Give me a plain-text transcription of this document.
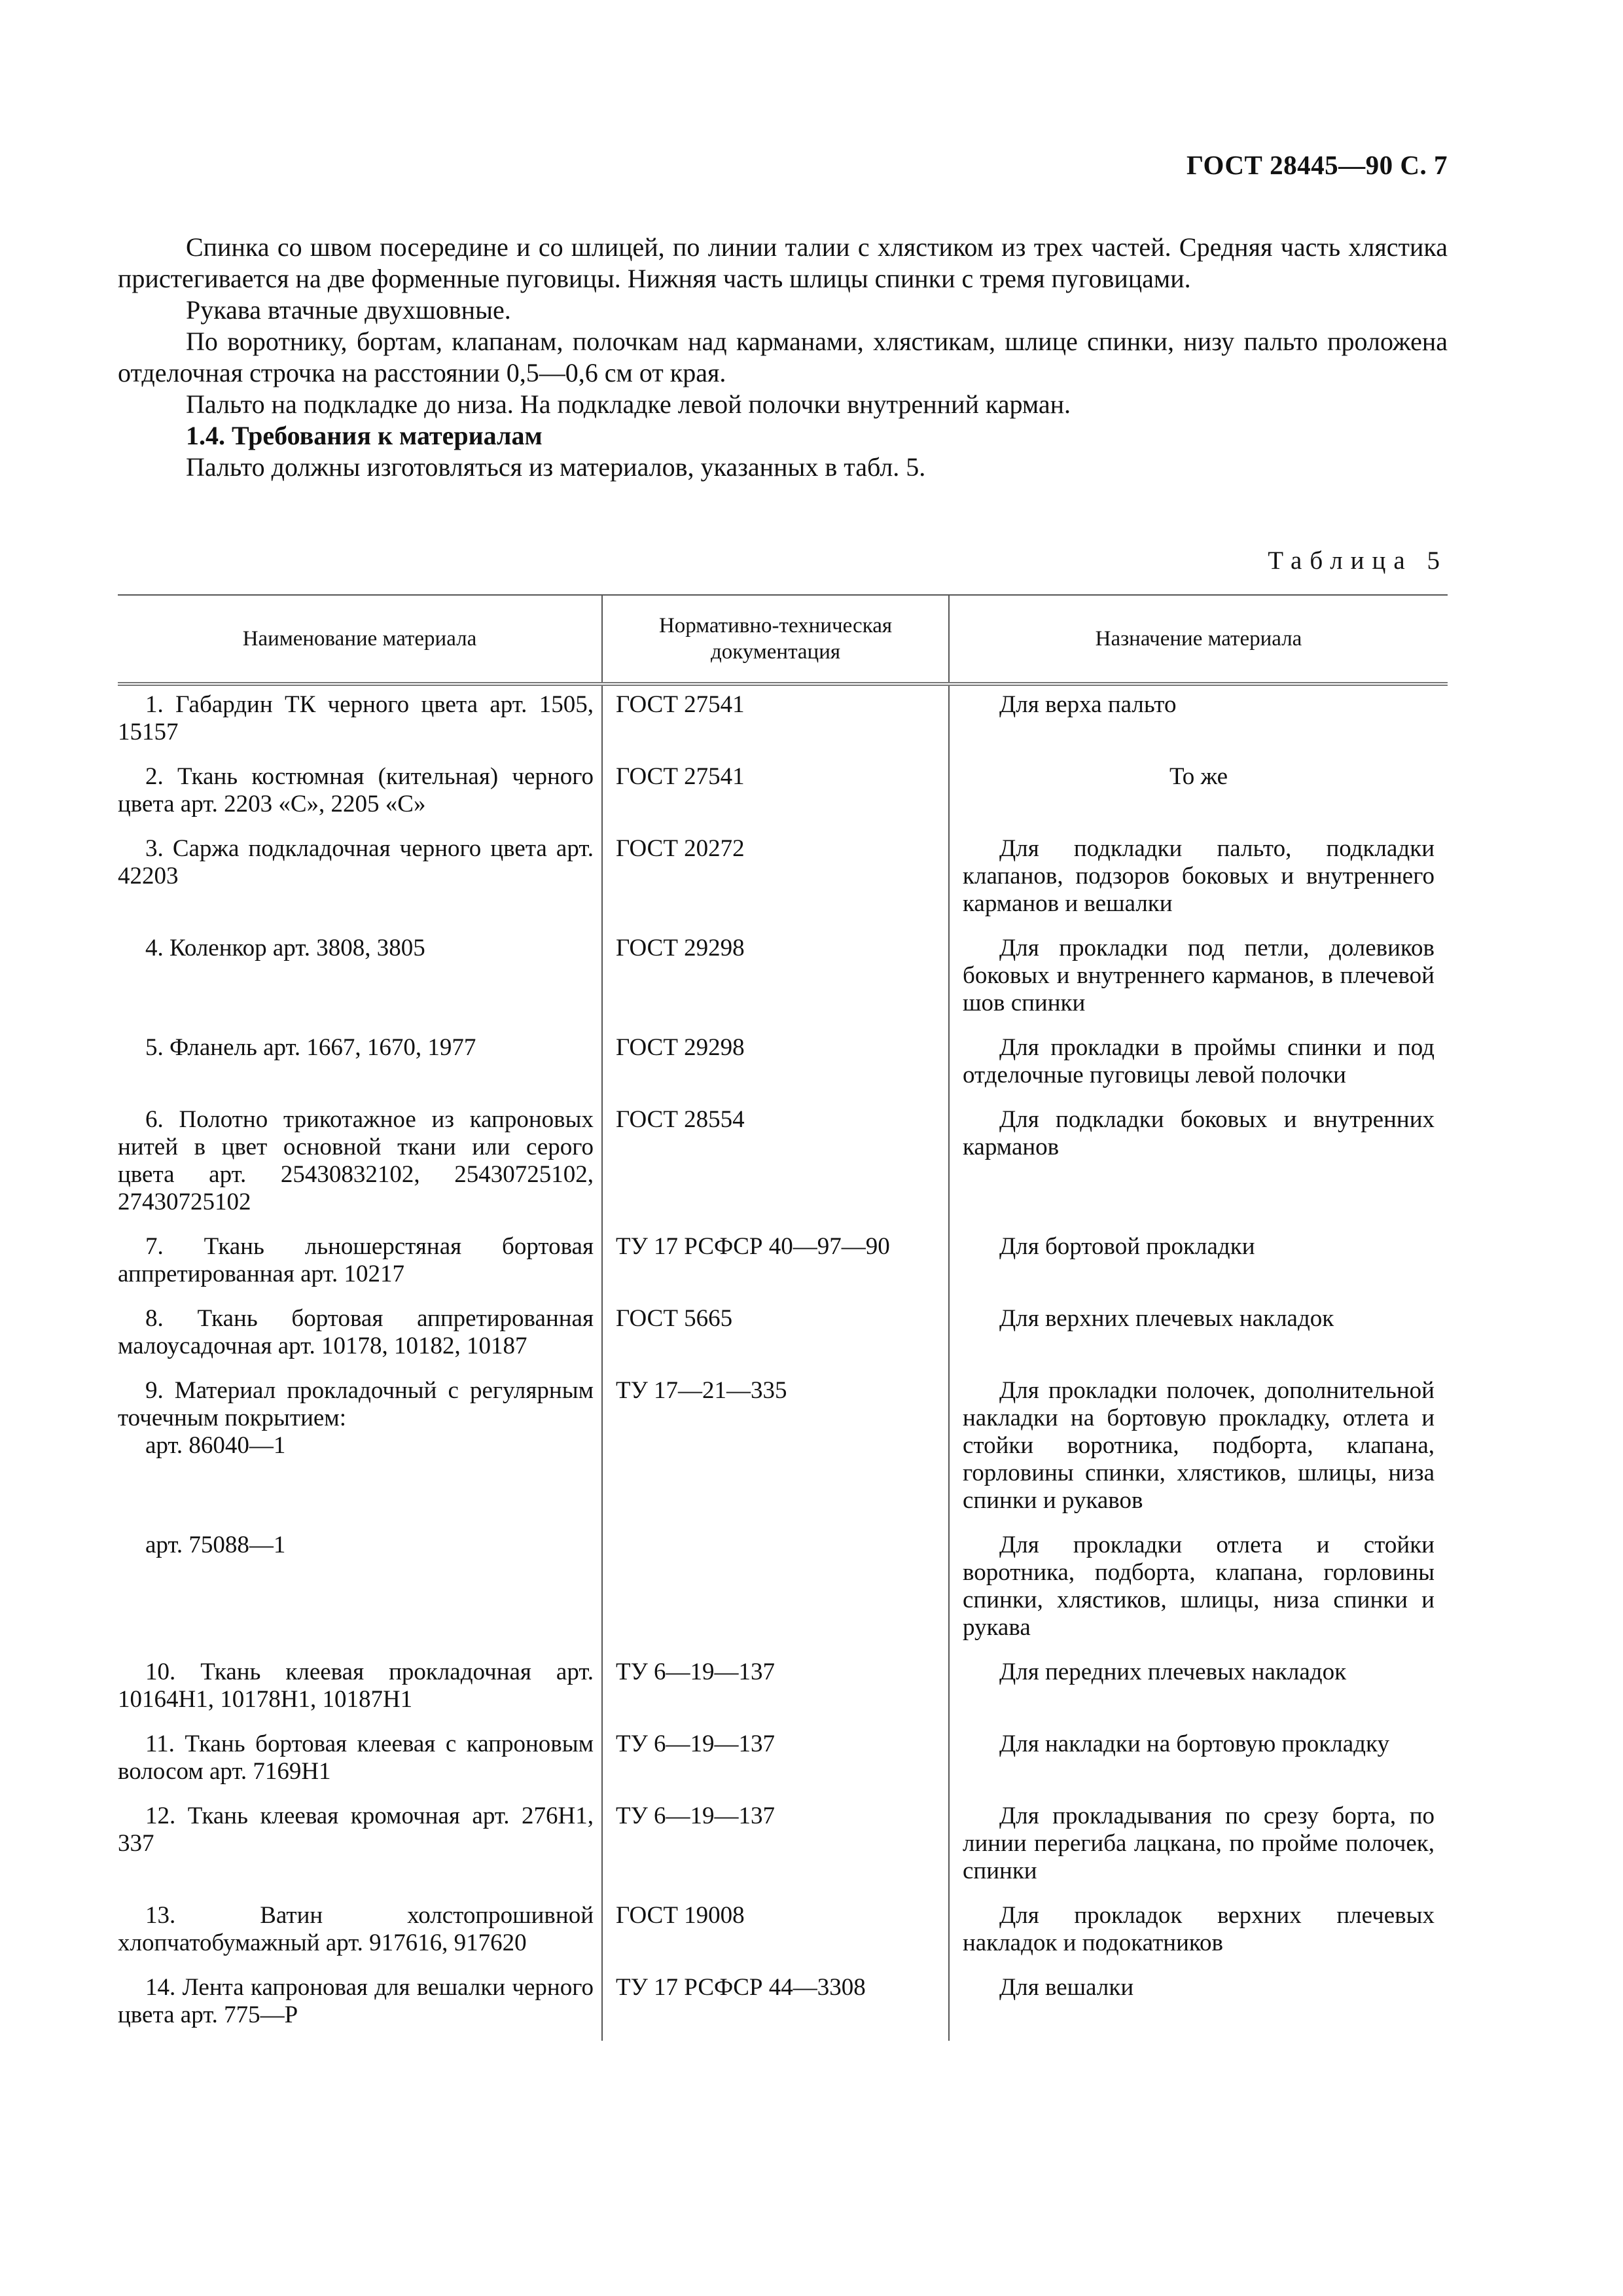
ГОСТ 28445—90 С. 7

Спинка со швом посередине и со шлицей, по линии талии с хлястиком из трех частей. Средняя часть хлястика пристегивается на две форменные пуговицы. Нижняя часть шлицы спинки с тремя пуговицами.

Рукава втачные двухшовные.

По воротнику, бортам, клапанам, полочкам над карманами, хлястикам, шлице спинки, низу пальто проложена отделочная строчка на расстоянии 0,5—0,6 см от края.

Пальто на подкладке до низа. На подкладке левой полочки внутренний карман.

1.4. Требования к материалам

Пальто должны изготовляться из материалов, указанных в табл. 5.

Таблица 5
Наименование материала	Нормативно-техническая документация	Назначение материала
1. Габардин ТК черного цвета арт. 1505, 15157	ГОСТ 27541	Для верха пальто
2. Ткань костюмная (кительная) черного цвета арт. 2203 «С», 2205 «С»	ГОСТ 27541	То же
3. Саржа подкладочная черного цвета арт. 42203	ГОСТ 20272	Для подкладки пальто, подкладки клапанов, подзоров боковых и внутреннего карманов и вешалки
4. Коленкор арт. 3808, 3805	ГОСТ 29298	Для прокладки под петли, долевиков боковых и внутреннего карманов, в плечевой шов спинки
5. Фланель арт. 1667, 1670, 1977	ГОСТ 29298	Для прокладки в проймы спинки и под отделочные пуговицы левой полочки
6. Полотно трикотажное из капроновых нитей в цвет основной ткани или серого цвета арт. 25430832102, 25430725102, 27430725102	ГОСТ 28554	Для подкладки боковых и внутренних карманов
7. Ткань льношерстяная бортовая аппретированная арт. 10217	ТУ 17 РСФСР 40—97—90	Для бортовой прокладки
8. Ткань бортовая аппретированная малоусадочная арт. 10178, 10182, 10187	ГОСТ 5665	Для верхних плечевых накладок
9. Материал прокладочный с регулярным точечным покрытием:
арт. 86040—1	ТУ 17—21—335	Для прокладки полочек, дополнительной накладки на бортовую прокладку, отлета и стойки воротника, подборта, клапана, горловины спинки, хлястиков, шлицы, низа спинки и рукавов

арт. 75088—1		Для прокладки отлета и стойки воротника, подборта, клапана, горловины спинки, хлястиков, шлицы, низа спинки и рукава
10. Ткань клеевая прокладочная арт. 10164Н1, 10178Н1, 10187Н1	ТУ 6—19—137	Для передних плечевых накладок
11. Ткань бортовая клеевая с капроновым волосом арт. 7169Н1	ТУ 6—19—137	Для накладки на бортовую прокладку
12. Ткань клеевая кромочная арт. 276Н1, 337	ТУ 6—19—137	Для прокладывания по срезу борта, по линии перегиба лацкана, по пройме полочек, спинки
13. Ватин холстопрошивной хлопчатобумажный арт. 917616, 917620	ГОСТ 19008	Для прокладок верхних плечевых накладок и подокатников
14. Лента капроновая для вешалки черного цвета арт. 775—Р	ТУ 17 РСФСР 44—3308	Для вешалки
